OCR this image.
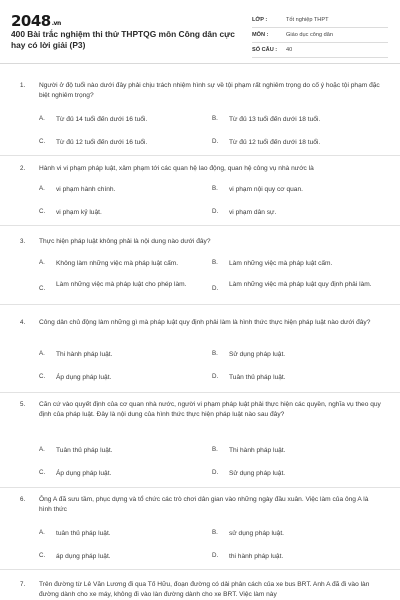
2048.vn
400 Bài trắc nghiệm thi thử THPTQG môn Công dân cực hay có lời giải (P3)
LỚP :	Tốt nghiệp THPT
MÔN :	Giáo dục công dân
SỐ CÂU : 40
1. Người ở độ tuổi nào dưới đây phải chịu trách nhiệm hình sự về tội phạm rất nghiêm trọng do cố ý hoặc tội phạm đặc biệt nghiêm trọng?
A. Từ đủ 14 tuổi đến dưới 16 tuổi.	B. Từ đủ 13 tuổi đến dưới 18 tuổi.
C. Từ đủ 12 tuổi đến dưới 16 tuổi.	D. Từ đủ 12 tuổi đến dưới 18 tuổi.
2. Hành vi vi phạm pháp luật, xâm phạm tới các quan hệ lao động, quan hệ công vụ nhà nước là
A. vi phạm hành chính.	B. vi phạm nội quy cơ quan.
C. vi phạm kỷ luật.	D. vi phạm dân sự.
3. Thực hiện pháp luật không phải là nội dung nào dưới đây?
A. Không làm những việc mà pháp luật cấm.	B. Làm những việc mà pháp luật cấm.
C.
Làm những việc mà pháp luật cho phép làm.
D.
Làm những việc mà pháp luật quy định phải làm.
4. Công dân chủ động làm những gì mà pháp luật quy định phải làm là hình thức thực hiện pháp luật nào dưới đây?
A. Thi hành pháp luật.	B. Sử dụng pháp luật.
C. Áp dụng pháp luật.	D. Tuân thủ pháp luật.
5. Căn cứ vào quyết định của cơ quan nhà nước, người vi phạm pháp luật phải thực hiện các quyền, nghĩa vụ theo quy định của pháp luật. Đây là nội dung của hình thức thực hiện pháp luật nào sau đây?
A. Tuân thủ pháp luật.	B. Thi hành pháp luật.
C. Áp dụng pháp luật.	D. Sử dụng pháp luật.
6. Ông A đã sưu tầm, phục dựng và tổ chức các trò chơi dân gian vào những ngày đầu xuân. Việc làm của ông A là hình thức
A. tuân thủ pháp luật.	B. sử dụng pháp luật.
C. áp dụng pháp luật.	D. thi hành pháp luật.
7. Trên đường từ Lê Văn Lương đi qua Tố Hữu, đoạn đường có dải phân cách của xe bus BRT. Anh A đã đi vào làn đường dành cho xe máy, không đi vào làn đường dành cho xe BRT. Việc làm này
